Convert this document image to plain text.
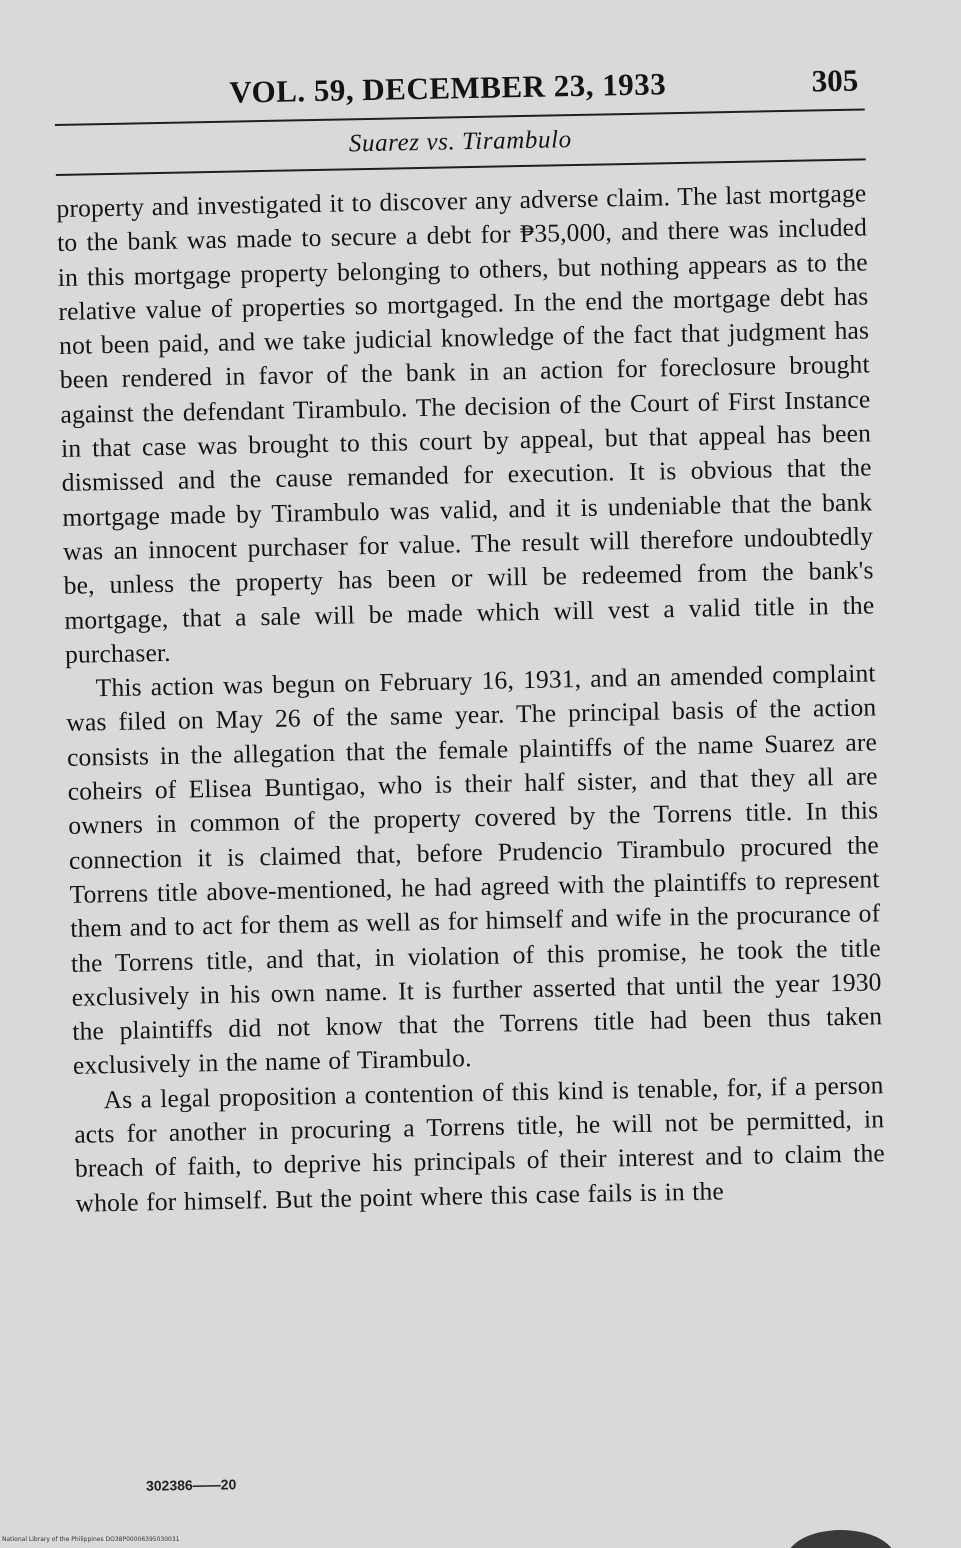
VOL. 59, DECEMBER 23, 1933	305
Suarez vs. Tirambulo

property and investigated it to discover any adverse claim. The last mortgage to the bank was made to secure a debt for ₱35,000, and there was included in this mortgage property belonging to others, but nothing appears as to the relative value of properties so mortgaged. In the end the mortgage debt has not been paid, and we take judicial knowledge of the fact that judgment has been rendered in favor of the bank in an action for foreclosure brought against the defendant Tirambulo. The decision of the Court of First Instance in that case was brought to this court by appeal, but that appeal has been dismissed and the cause remanded for execution. It is obvious that the mortgage made by Tirambulo was valid, and it is undeniable that the bank was an innocent purchaser for value. The result will therefore undoubtedly be, unless the property has been or will be redeemed from the bank's mortgage, that a sale will be made which will vest a valid title in the purchaser.

This action was begun on February 16, 1931, and an amended complaint was filed on May 26 of the same year. The principal basis of the action consists in the allegation that the female plaintiffs of the name Suarez are coheirs of Elisea Buntigao, who is their half sister, and that they all are owners in common of the property covered by the Torrens title. In this connection it is claimed that, before Prudencio Tirambulo procured the Torrens title above-mentioned, he had agreed with the plaintiffs to represent them and to act for them as well as for himself and wife in the procurance of the Torrens title, and that, in violation of this promise, he took the title exclusively in his own name. It is further asserted that until the year 1930 the plaintiffs did not know that the Torrens title had been thus taken exclusively in the name of Tirambulo.

As a legal proposition a contention of this kind is tenable, for, if a person acts for another in procuring a Torrens title, he will not be permitted, in breach of faith, to deprive his principals of their interest and to claim the whole for himself. But the point where this case fails is in the

302386——20
National Library of the Philippines DO38P00006395030031
